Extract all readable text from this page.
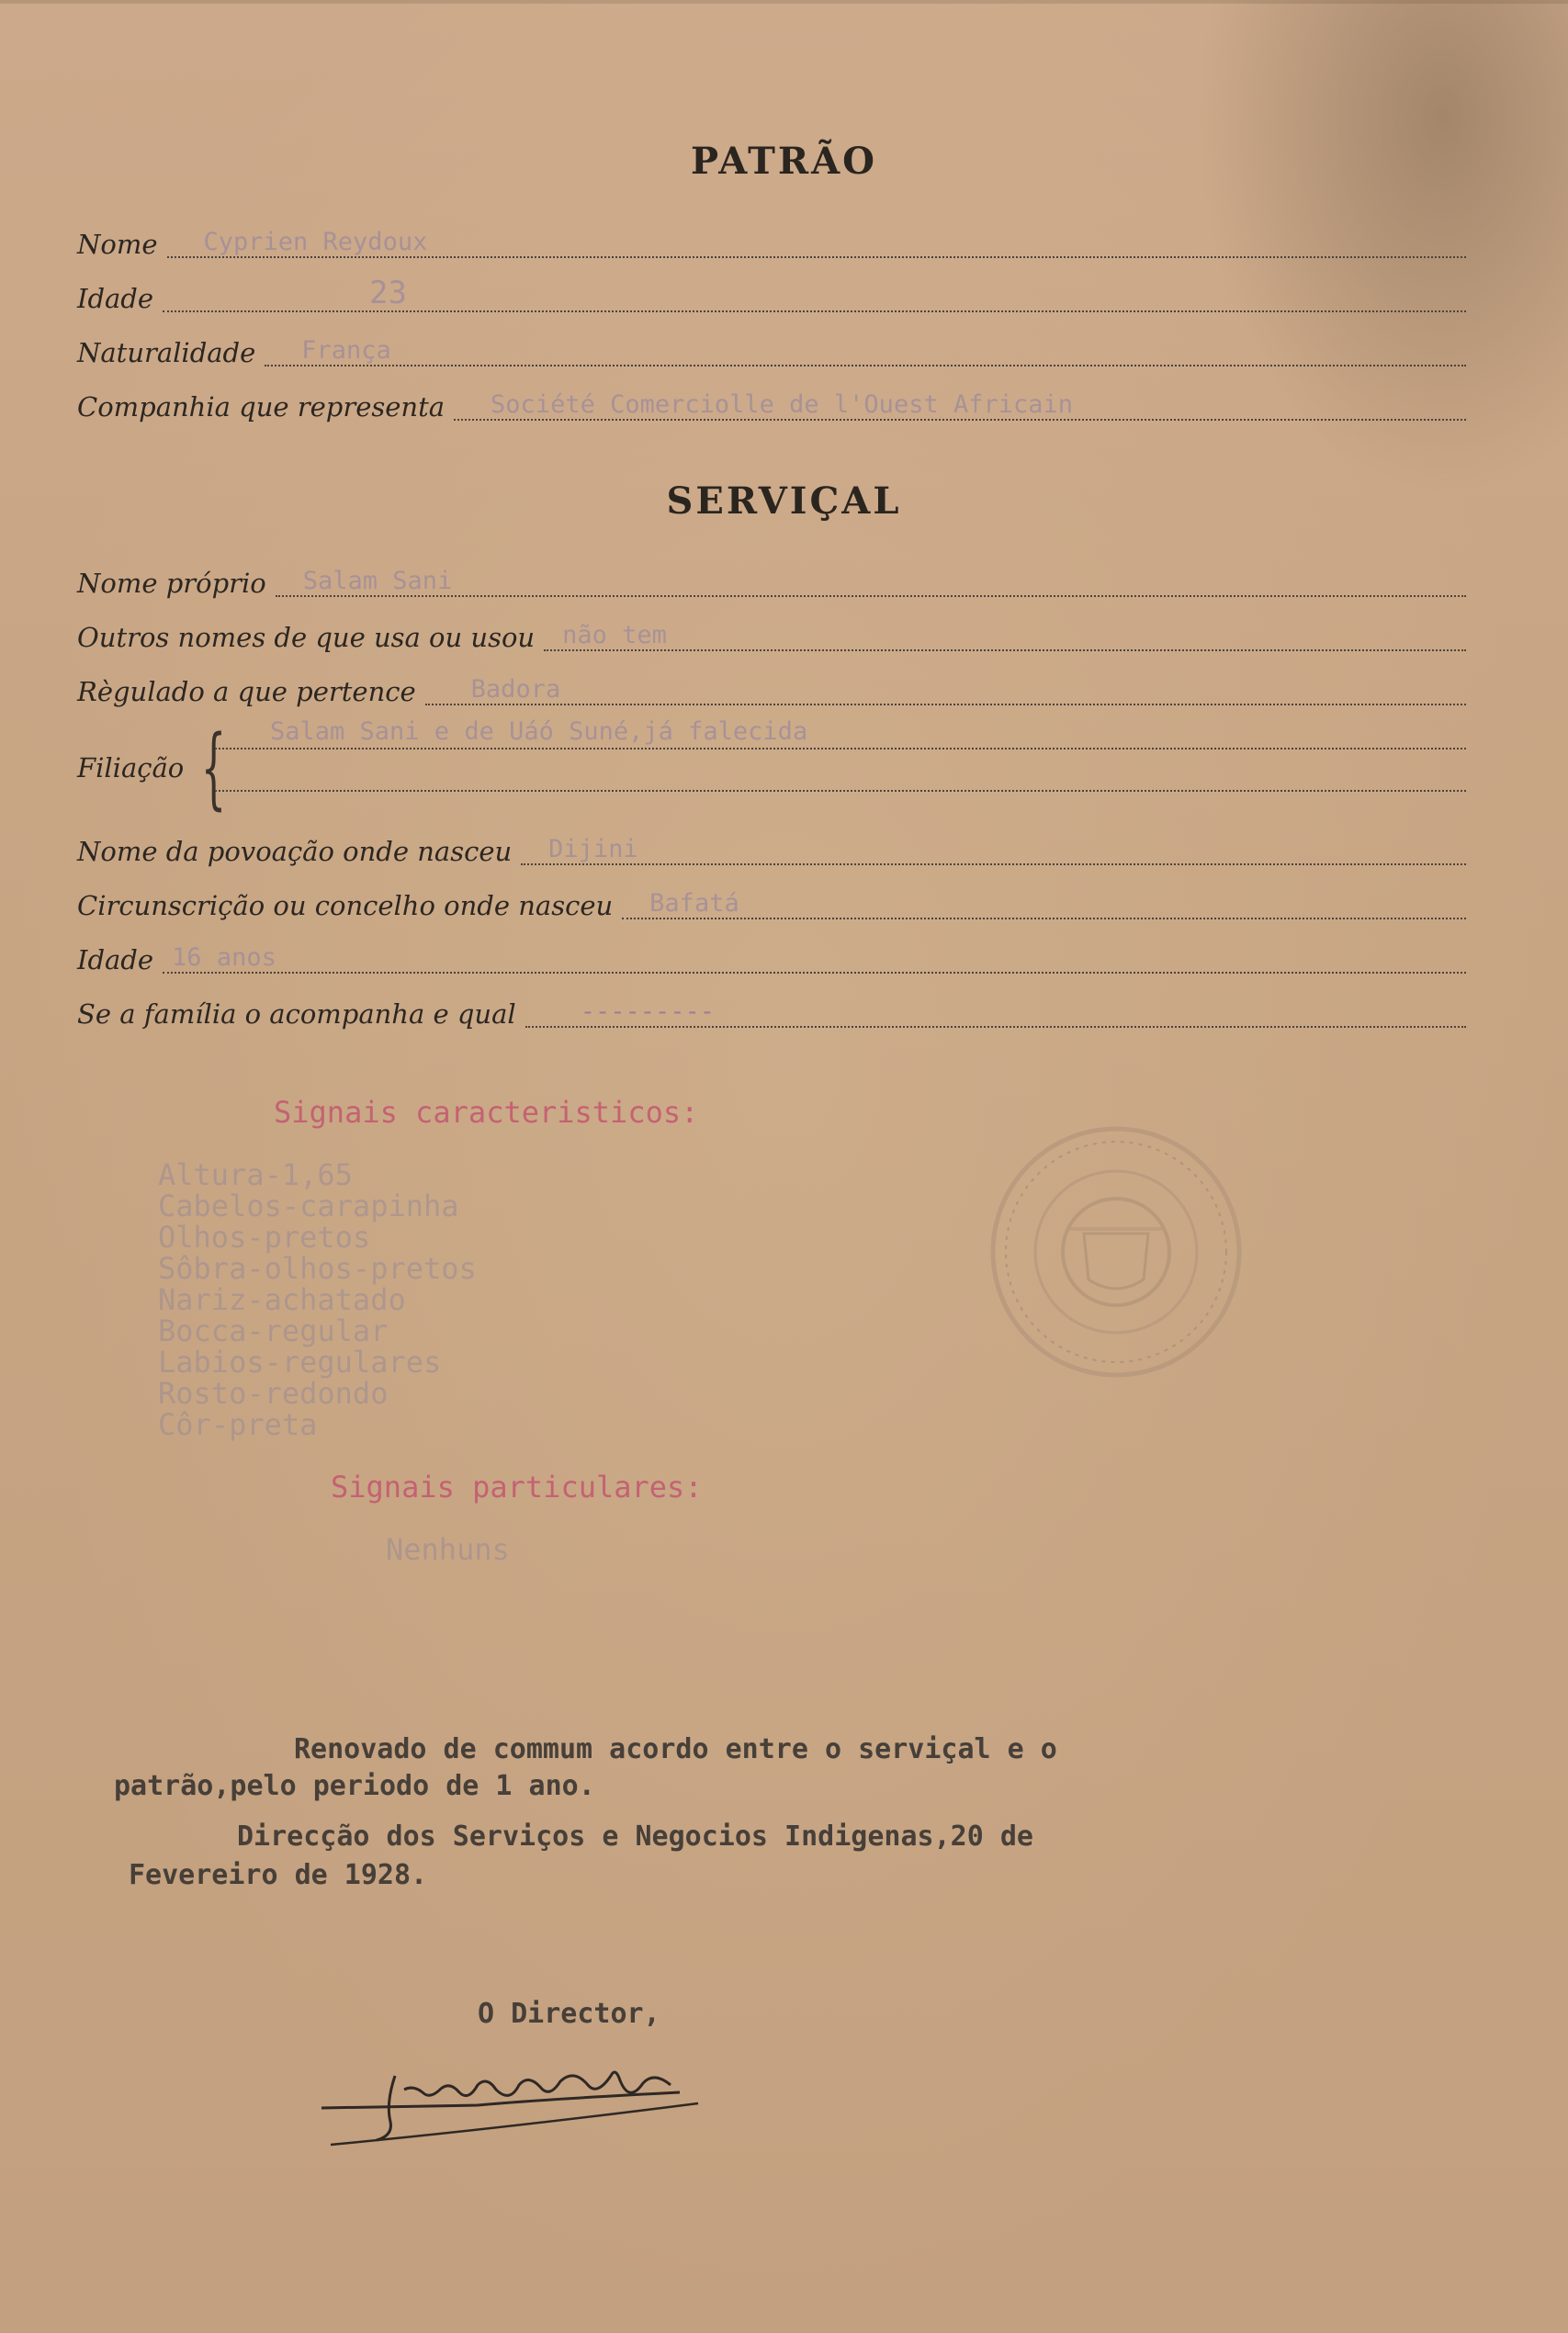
PATRÃO
Nome	Cyprien Reydoux
Idade	23
Naturalidade	França
Companhia que representa	Société Comerciolle de l'Ouest Africain
SERVIÇAL
Nome próprio	Salam Sani
Outros nomes de que usa ou usou	não tem
Règulado a que pertence	Badora
Filiação { Salam Sani e de Uáó Suné,já falecida
Nome da povoação onde nasceu	Dijini
Circunscrição ou concelho onde nasceu	Bafatá
Idade 16 anos
Se a família o acompanha e qual	---------
Signais caracteristicos:
Altura-1,65
Cabelos-carapinha
Olhos-pretos
Sôbra-olhos-pretos
Nariz-achatado
Bocca-regular
Labios-regulares
Rosto-redondo
Côr-preta
Signais particulares:
Nenhuns
Renovado de commum acordo entre o serviçal e o
patrão,pelo periodo de 1 ano.
Direcção dos Serviços e Negocios Indigenas,20 de
Fevereiro de 1928.
O Director,
